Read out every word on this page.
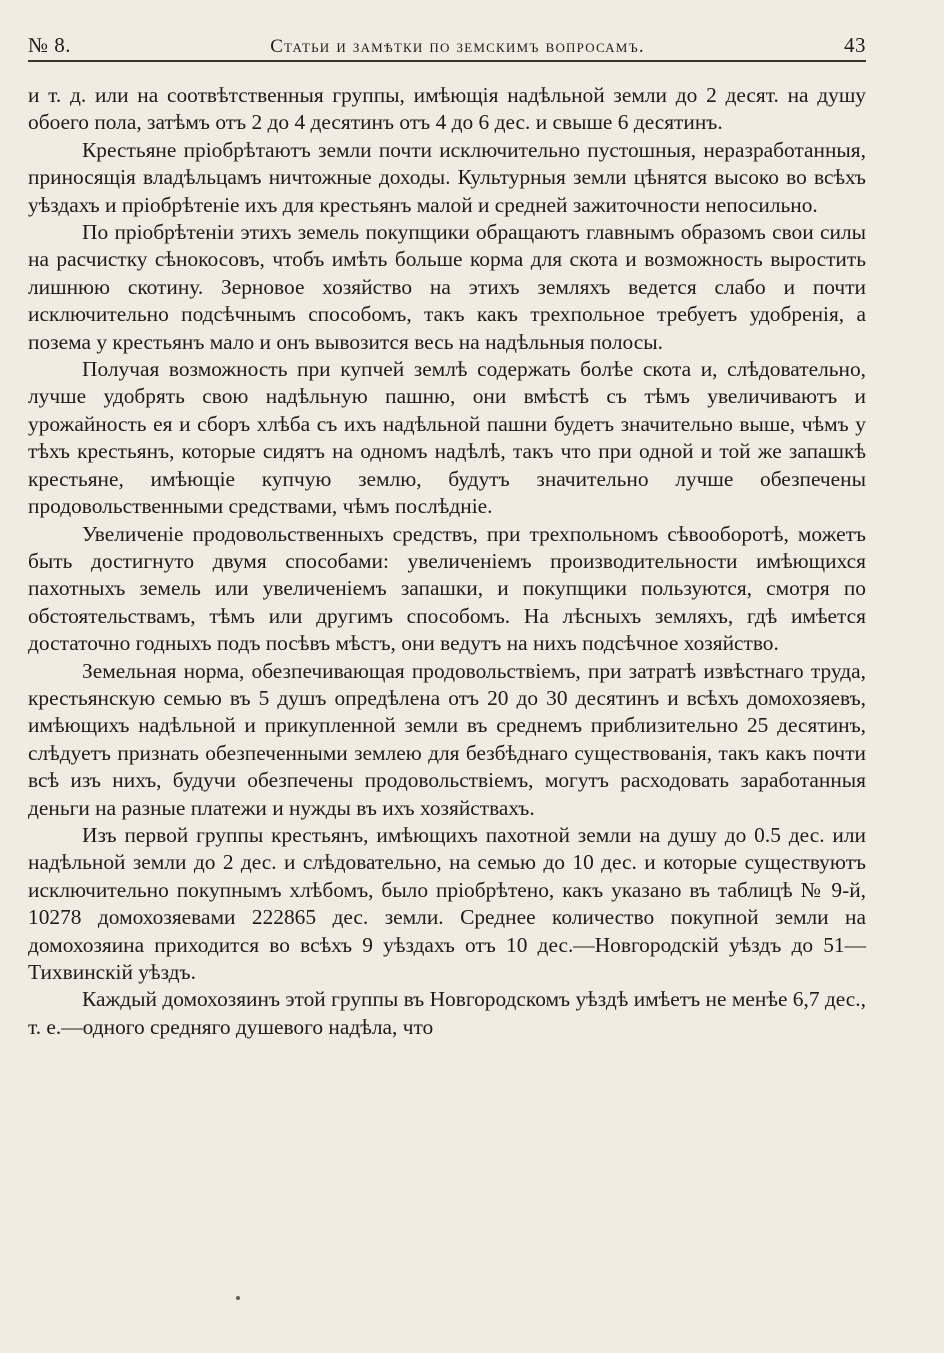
№ 8.	Статьи и замѣтки по земскимъ вопросамъ.	43

и т. д. или на соотвѣтственныя группы, имѣющія надѣльной земли до 2 десят. на душу обоего пола, затѣмъ отъ 2 до 4 десятинъ отъ 4 до 6 дес. и свыше 6 десятинъ.

Крестьяне пріобрѣтаютъ земли почти исключительно пустошныя, неразработанныя, приносящія владѣльцамъ ничтожные доходы. Культурныя земли цѣнятся высоко во всѣхъ уѣздахъ и пріобрѣтеніе ихъ для крестьянъ малой и средней зажиточности непосильно.

По пріобрѣтеніи этихъ земель покупщики обращаютъ главнымъ образомъ свои силы на расчистку сѣнокосовъ, чтобъ имѣть больше корма для скота и возможность выростить лишнюю скотину. Зерновое хозяйство на этихъ земляхъ ведется слабо и почти исключительно подсѣчнымъ способомъ, такъ какъ трехпольное требуетъ удобренія, а позема у крестьянъ мало и онъ вывозится весь на надѣльныя полосы.

Получая возможность при купчей землѣ содержать болѣе скота и, слѣдовательно, лучше удобрять свою надѣльную пашню, они вмѣстѣ съ тѣмъ увеличиваютъ и урожайность ея и сборъ хлѣба съ ихъ надѣльной пашни будетъ значительно выше, чѣмъ у тѣхъ крестьянъ, которые сидятъ на одномъ надѣлѣ, такъ что при одной и той же запашкѣ крестьяне, имѣющіе купчую землю, будутъ значительно лучше обезпечены продовольственными средствами, чѣмъ послѣдніе.

Увеличеніе продовольственныхъ средствъ, при трехпольномъ сѣвооборотѣ, можетъ быть достигнуто двумя способами: увеличеніемъ производительности имѣющихся пахотныхъ земель или увеличеніемъ запашки, и покупщики пользуются, смотря по обстоятельствамъ, тѣмъ или другимъ способомъ. На лѣсныхъ земляхъ, гдѣ имѣется достаточно годныхъ подъ посѣвъ мѣстъ, они ведутъ на нихъ подсѣчное хозяйство.

Земельная норма, обезпечивающая продовольствіемъ, при затратѣ извѣстнаго труда, крестьянскую семью въ 5 душъ опредѣлена отъ 20 до 30 десятинъ и всѣхъ домохозяевъ, имѣющихъ надѣльной и прикупленной земли въ среднемъ приблизительно 25 десятинъ, слѣдуетъ признать обезпеченными землею для безбѣднаго существованія, такъ какъ почти всѣ изъ нихъ, будучи обезпечены продовольствіемъ, могутъ расходовать заработанныя деньги на разные платежи и нужды въ ихъ хозяйствахъ.

Изъ первой группы крестьянъ, имѣющихъ пахотной земли на душу до 0.5 дес. или надѣльной земли до 2 дес. и слѣдовательно, на семью до 10 дес. и которые существуютъ исключительно покупнымъ хлѣбомъ, было пріобрѣтено, какъ указано въ таблицѣ № 9-й, 10278 домохозяевами 222865 дес. земли. Среднее количество покупной земли на домохозяина приходится во всѣхъ 9 уѣздахъ отъ 10 дес.—Новгородскій уѣздъ до 51—Тихвинскій уѣздъ.

Каждый домохозяинъ этой группы въ Новгородскомъ уѣздѣ имѣетъ не менѣе 6,7 дес., т. е.—одного средняго душевого надѣла, что
